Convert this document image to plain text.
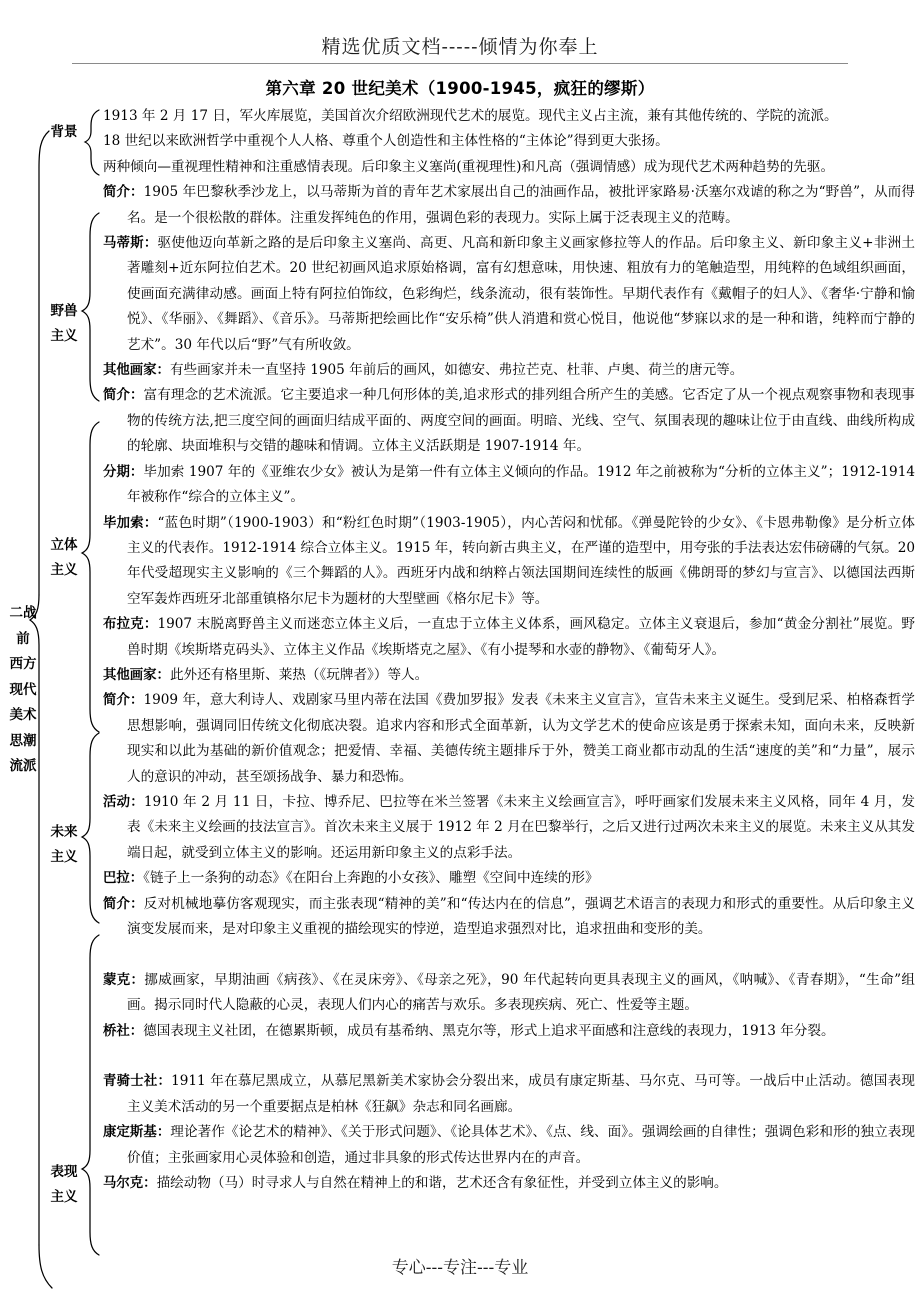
精选优质文档-----倾情为你奉上
第六章 20 世纪美术（1900-1945，疯狂的缪斯）
二战
前
西方
现代
美术
思潮
流派
背景
野兽
主义
立体
主义
未来
主义
表现
主义

1913 年 2 月 17 日，军火库展览，美国首次介绍欧洲现代艺术的展览。现代主义占主流，兼有其他传统的、学院的流派。

18 世纪以来欧洲哲学中重视个人人格、尊重个人创造性和主体性格的“主体论”得到更大张扬。

两种倾向—重视理性精神和注重感情表现。后印象主义塞尚(重视理性)和凡高（强调情感）成为现代艺术两种趋势的先驱。

简介：1905 年巴黎秋季沙龙上，以马蒂斯为首的青年艺术家展出自己的油画作品，被批评家路易·沃塞尔戏谑的称之为“野兽”，从而得名。是一个很松散的群体。注重发挥纯色的作用，强调色彩的表现力。实际上属于泛表现主义的范畴。

马蒂斯：驱使他迈向革新之路的是后印象主义塞尚、高更、凡高和新印象主义画家修拉等人的作品。后印象主义、新印象主义+非洲土著雕刻+近东阿拉伯艺术。20 世纪初画风追求原始格调，富有幻想意味，用快速、粗放有力的笔触造型，用纯粹的色域组织画面，使画面充满律动感。画面上特有阿拉伯饰纹，色彩绚烂，线条流动，很有装饰性。早期代表作有《戴帽子的妇人》、《奢华·宁静和愉悦》、《华丽》、《舞蹈》、《音乐》。马蒂斯把绘画比作“安乐椅”供人消遣和赏心悦目，他说他“梦寐以求的是一种和谐，纯粹而宁静的艺术”。30 年代以后“野”气有所收敛。

其他画家：有些画家并未一直坚持 1905 年前后的画风，如德安、弗拉芒克、杜菲、卢奥、荷兰的唐元等。

简介：富有理念的艺术流派。它主要追求一种几何形体的美,追求形式的排列组合所产生的美感。它否定了从一个视点观察事物和表现事物的传统方法,把三度空间的画面归结成平面的、两度空间的画面。明暗、光线、空气、氛围表现的趣味让位于由直线、曲线所构成的轮廓、块面堆积与交错的趣味和情调。立体主义活跃期是 1907-1914 年。

分期：毕加索 1907 年的《亚维农少女》被认为是第一件有立体主义倾向的作品。1912 年之前被称为“分析的立体主义”；1912-1914 年被称作“综合的立体主义”。

毕加索：“蓝色时期”（1900-1903）和“粉红色时期”（1903-1905），内心苦闷和忧郁。《弹曼陀铃的少女》、《卡恩弗勒像》是分析立体主义的代表作。1912-1914 综合立体主义。1915 年，转向新古典主义，在严谨的造型中，用夸张的手法表达宏伟磅礴的气氛。20 年代受超现实主义影响的《三个舞蹈的人》。西班牙内战和纳粹占领法国期间连续性的版画《佛朗哥的梦幻与宣言》、以德国法西斯空军轰炸西班牙北部重镇格尔尼卡为题材的大型壁画《格尔尼卡》等。

布拉克：1907 末脱离野兽主义而迷恋立体主义后，一直忠于立体主义体系，画风稳定。立体主义衰退后，参加“黄金分割社”展览。野兽时期《埃斯塔克码头》、立体主义作品《埃斯塔克之屋》、《有小提琴和水壶的静物》、《葡萄牙人》。

其他画家：此外还有格里斯、莱热（《玩牌者》）等人。

简介：1909 年，意大利诗人、戏剧家马里内蒂在法国《费加罗报》发表《未来主义宣言》，宣告未来主义诞生。受到尼采、柏格森哲学思想影响，强调同旧传统文化彻底决裂。追求内容和形式全面革新，认为文学艺术的使命应该是勇于探索未知，面向未来，反映新现实和以此为基础的新价值观念；把爱情、幸福、美德传统主题排斥于外，赞美工商业都市动乱的生活“速度的美”和“力量”，展示人的意识的冲动，甚至颂扬战争、暴力和恐怖。

活动：1910 年 2 月 11 日，卡拉、博乔尼、巴拉等在米兰签署《未来主义绘画宣言》，呼吁画家们发展未来主义风格，同年 4 月，发表《未来主义绘画的技法宣言》。首次未来主义展于 1912 年 2 月在巴黎举行，之后又进行过两次未来主义的展览。未来主义从其发端日起，就受到立体主义的影响。还运用新印象主义的点彩手法。

巴拉：《链子上一条狗的动态》《在阳台上奔跑的小女孩》、雕塑《空间中连续的形》

简介：反对机械地摹仿客观现实，而主张表现“精神的美”和“传达内在的信息”，强调艺术语言的表现力和形式的重要性。从后印象主义演变发展而来，是对印象主义重视的描绘现实的悖逆，造型追求强烈对比，追求扭曲和变形的美。

蒙克：挪威画家，早期油画《病孩》、《在灵床旁》、《母亲之死》，90 年代起转向更具表现主义的画风，《呐喊》、《青春期》，“生命”组画。揭示同时代人隐蔽的心灵，表现人们内心的痛苦与欢乐。多表现疾病、死亡、性爱等主题。

桥社：德国表现主义社团，在德累斯顿，成员有基希纳、黑克尔等，形式上追求平面感和注意线的表现力，1913 年分裂。

青骑士社：1911 年在慕尼黑成立，从慕尼黑新美术家协会分裂出来，成员有康定斯基、马尔克、马可等。一战后中止活动。德国表现主义美术活动的另一个重要据点是柏林《狂飙》杂志和同名画廊。

康定斯基：理论著作《论艺术的精神》、《关于形式问题》、《论具体艺术》、《点、线、面》。强调绘画的自律性；强调色彩和形的独立表现价值；主张画家用心灵体验和创造，通过非具象的形式传达世界内在的声音。

马尔克：描绘动物（马）时寻求人与自然在精神上的和谐，艺术还含有象征性，并受到立体主义的影响。

专心---专注---专业
